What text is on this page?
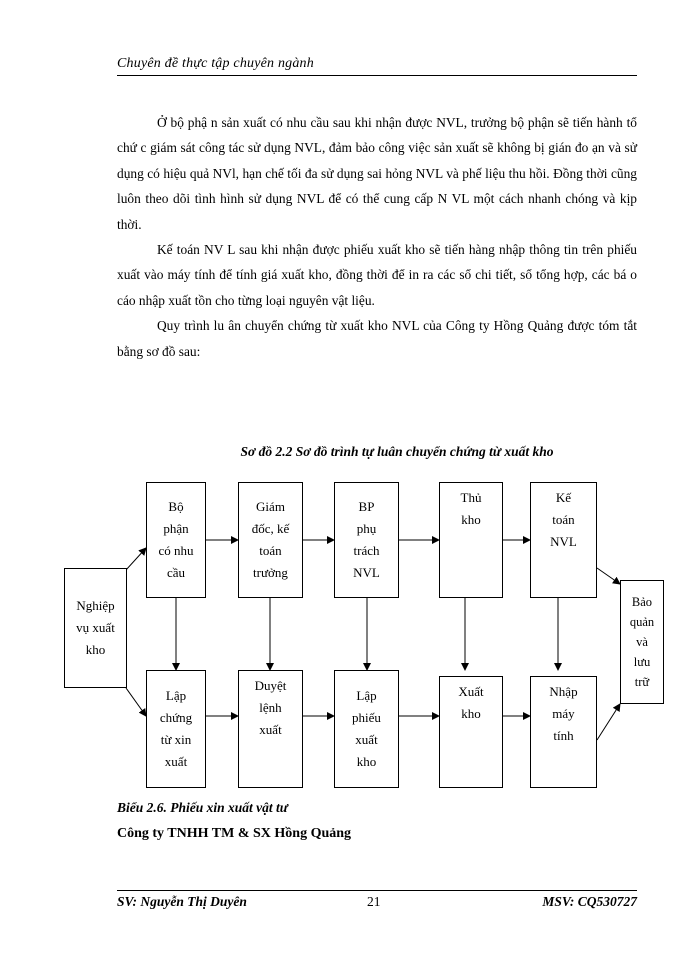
Chuyên đề thực tập chuyên ngành

Ở bộ phậ n sản xuất có nhu cầu sau khi nhận được NVL, trưởng bộ phận sẽ tiến hành tổ chứ c giám sát công tác sử dụng NVL, đảm bảo công việc sản xuất sẽ không bị gián đo ạn và sử dụng có hiệu quả NVl, hạn chế tối đa sử dụng sai hỏng NVL và phế liệu thu hồi. Đồng thời cũng luôn theo dõi tình hình sử dụng NVL để có thể cung cấp N VL một cách nhanh chóng và kịp thời.

Kế toán NV L sau khi nhận được phiếu xuất kho sẽ tiến hàng nhập thông tin trên phiếu xuất vào máy tính để tính giá xuất kho, đồng thời để in ra các sổ chi tiết, sổ tổng hợp, các bá o cáo nhập xuất tồn cho từng loại nguyên vật liệu.

Quy trình lu ân chuyển chứng từ xuất kho NVL của Công ty Hồng Quảng được tóm tắt bằng sơ đồ sau:

Sơ đồ 2.2 Sơ đồ trình tự luân chuyển chứng từ xuất kho
Nghiệp
vụ xuất
kho
Bộ
phận
có nhu
cầu
Giám
đốc, kế
toán
trưởng
BP
phụ
trách
NVL
Thủ
kho
Kế
toán
NVL
Lập
chứng
từ xin
xuất
Duyệt
lệnh
xuất
Lập
phiếu
xuất
kho
Xuất
kho
Nhập
máy
tính
Bảo
quản
và
lưu
trữ
Biểu 2.6. Phiếu xin xuất vật tư
Công ty TNHH TM & SX Hồng Quảng
SV: Nguyễn Thị Duyên	21	MSV: CQ530727
